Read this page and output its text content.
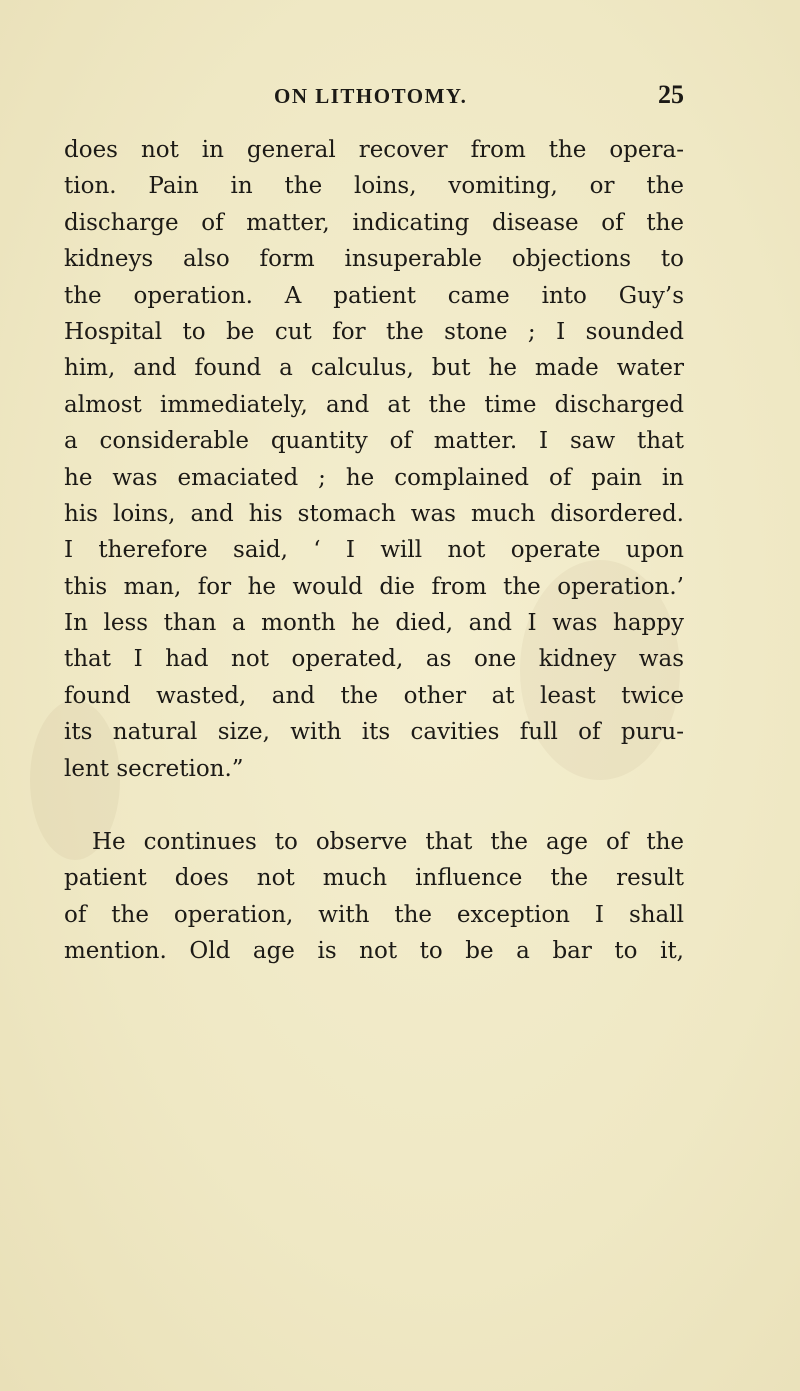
ON LITHOTOMY.	25
does not in general recover from the opera-
tion. Pain in the loins, vomiting, or the
discharge of matter, indicating disease of the
kidneys also form insuperable objections to
the operation. A patient came into Guy’s
Hospital to be cut for the stone ; I sounded
him, and found a calculus, but he made water
almost immediately, and at the time discharged
a considerable quantity of matter. I saw that
he was emaciated ; he complained of pain in
his loins, and his stomach was much disordered.
I therefore said, ‘ I will not operate upon
this man, for he would die from the operation.’
In less than a month he died, and I was happy
that I had not operated, as one kidney was
found wasted, and the other at least twice
its natural size, with its cavities full of puru-
lent secretion.”
He continues to observe that the age of the
patient does not much influence the result
of the operation, with the exception I shall
mention. Old age is not to be a bar to it,
